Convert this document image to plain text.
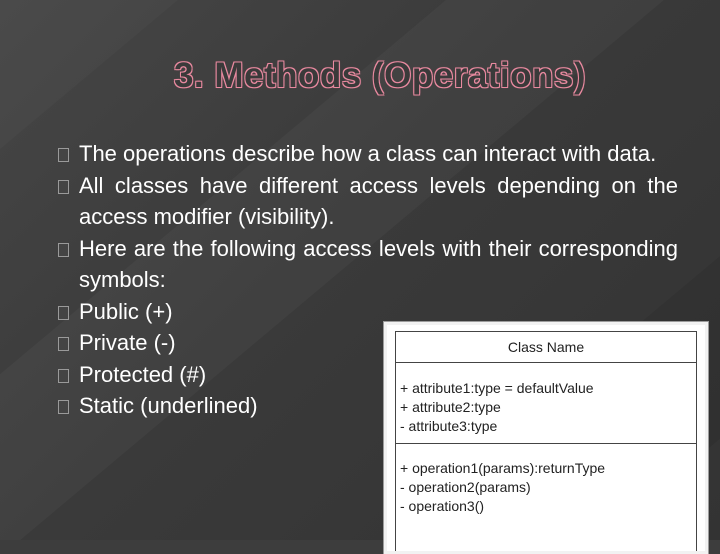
3. Methods (Operations)
The operations describe how a class can interact with data.
All classes have different access levels depending on the access modifier (visibility).
Here are the following access levels with their corresponding symbols:
Public (+)
Private (-)
Protected (#)
Static (underlined)
Class Name
+ attribute1:type = defaultValue
+ attribute2:type
- attribute3:type
+ operation1(params):returnType
- operation2(params)
- operation3()
